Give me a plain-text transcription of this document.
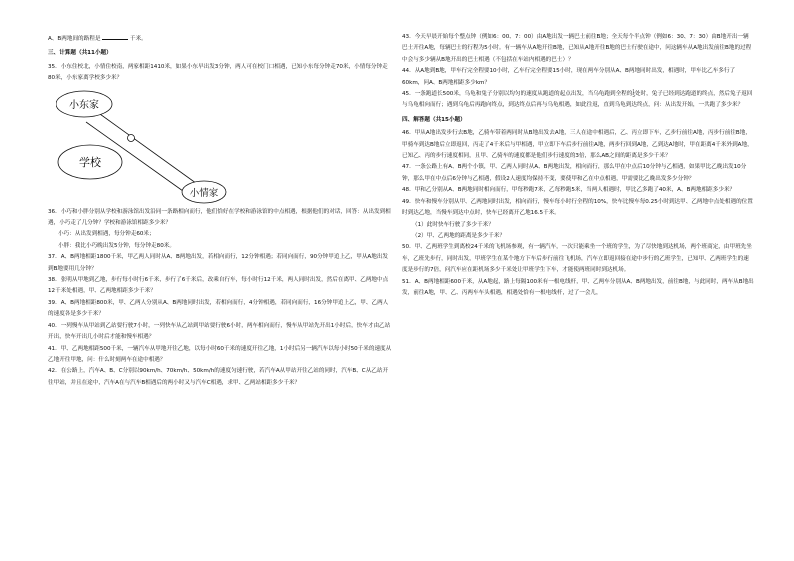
A、B两地间的路程是	千米。

三、计算题（共11小题）

35．小东住校北，小情住校南，两家相距1410米，如果小东早出发3分钟，两人可在校门口相遇，已知小东每分钟走70米，小情每分钟走80米，小东家离学校多少米？

小东家
学校
小情家

36．小巧和小胖分别从学校和游泳馆出发沿同一条路相向而行，他们恰好在学校和游泳馆的中点相遇，根据他们的对话，回答：从出发到相遇，小巧走了几分钟？学校和游泳馆相距多少米？

小巧：从出发到相遇，每分钟走60米；

小胖：我比小巧晚出发5分钟，每分钟走80米。

37．A、B两地相距1800千米，甲乙两人同时从A、B两地出发，若相向而行，12分钟相遇；若同向而行，90分钟甲追上乙，甲从A地出发到B地要用几分钟？

38．张明从甲地到乙地，步行每小时行6千米，步行了6千米后，改乘自行车，每小时行12千米，两人同时出发，然后在离甲、乙两地中点12千米处相遇，甲、乙两地相距多少千米？

39．A、B两地相距800米，甲、乙两人分别从A、B两地同时出发，若相向而行，4分钟相遇，若同向而行，16分钟甲追上乙，甲、乙两人的速度各是多少千米？

40．一列慢车从甲站到乙站要行驶7小时，一列快车从乙站到甲站要行驶6小时，两车相向而行，慢车从甲站先开出1小时后，快车才由乙站开出，快车开出几小时后才能和慢车相遇？

41．甲、乙两地相距500千米，一辆汽车从甲地开往乙地，以每小时60千米的速度开往乙地，1小时后另一辆汽车以每小时50千米的速度从乙地开往甲地，问：什么时刻两车在途中相遇？

42．在公路上，汽车A、B、C分别以90km/h、70km/h、50km/h的速度匀速行驶，若汽车A从甲站开往乙站的同时，汽车B、C从乙站开往甲站，并且在途中，汽车A在与汽车B相遇后的两小时又与汽车C相遇，求甲、乙两站相距多少千米？

43．今天早晨开始每个整点钟（例如6：00、7：00）由A地出发一辆巴士前往B地；全天每个半点钟（例如6：30、7：30）由B地开出一辆巴士开往A地，每辆巴士的行程为5小时。有一辆车从A地开往B地，已知从A地开往B地的巴士行驶在途中，问这辆车从A地出发前往B地的过程中会与多少辆从B地开出的巴士相遇（不包括在车站内相遇的巴士）？

44．从A地到B地，甲车行完全程要10小时，乙车行完全程要15小时，现在两车分别从A、B两地同时出发，相遇时，甲车比乙车多行了60km，问A、B两地相距多少km？

45．一条跑道长500米，乌龟和兔子分别以均匀的速度从跑道的起点出发，当乌龟跑到全程的1
5处时，兔子已经到达跑道的终点，然后兔子返回与乌龟相向而行；遇到乌龟后再跑向终点，到达终点后再与乌龟相遇，如此往返，直到乌龟到达终点，问：从出发开始，一共跑了多少米？

四、解答题（共15小题）

46．甲从A地出发步行去B地，乙骑车带着两同时从B地出发去A地，三人在途中相遇后，乙、丙立即下车，乙步行前往A地，丙步行前往B地，甲骑车到达B地后立即返回，丙走了4千米后与甲相遇，甲立即下车后步行前往A地，两步行回到A地，乙到达A地时，甲在距离4千米外到A地，已知乙、丙的步行速度相同，且甲、乙骑车的速度都是他们步行速度的3倍，那么AB之间的距离是多少千米？

47．一条公路上有A、B两个小镇，甲、乙两人同时从A、B两地出发，相向而行，那么甲在中点后10分钟与乙相遇，如果甲比乙晚出发10分钟，那么甲在中点后6分钟与乙相遇，假设2人速度均保持不变，要使甲和乙在中点相遇，甲需要比乙晚出发多少分钟？

48．甲和乙分别从A、B两地同时相向而行，甲每秒跑7米，乙每秒跑5米，当两人相遇时，甲比乙多跑了40米，A、B两地相距多少米？

49．快车和慢车分别从甲、乙两地同时出发，相向而行，慢车每小时行全程的10%，快车比慢车每0.25小时到达甲、乙两地中点处相遇的位置时到达乙地，当慢车到达中点时，快车已经离开乙地16.5千米。

（1）此时快车行驶了多少千米？

（2）甲、乙两地的距离是多少千米？

50．甲、乙两班学生到离校24千米的飞机场参观，有一辆汽车，一次只能乘坐一个班的学生，为了尽快地到达机场，两个班商定，由甲班先坐车，乙班先步行，同时出发，甲班学生在某个地方下车后步行前往飞机场，汽车立即返回接在途中步行的乙班学生，已知甲、乙两班学生的速度是步行的7倍，问汽车应在距机场多少千米处让甲班学生下车，才能使两班同时到达机场。

51．A、B两地相距600千米，从A地起，路上每隔100米有一根电线杆，甲、乙两车分别从A、B两地出发，前往B地，与此同时，两车从B地出发，前往A地，甲、乙、丙两车车头相遇，相遇处恰有一根电线杆，过了一会儿，
